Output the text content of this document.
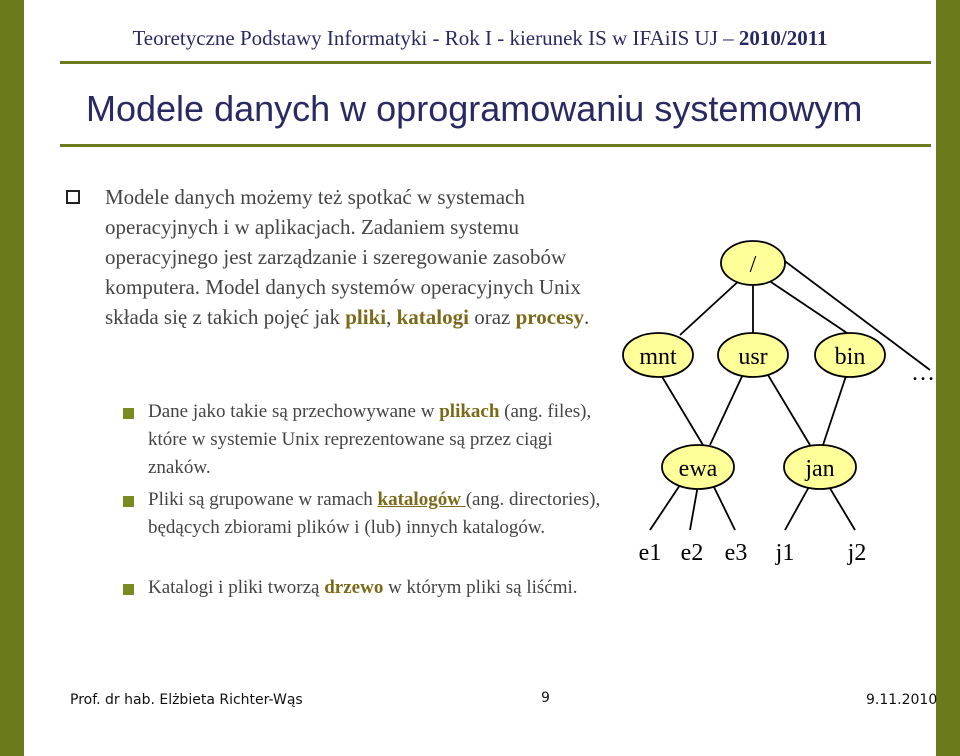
Teoretyczne Podstawy Informatyki - Rok I - kierunek IS w IFAiIS UJ – 2010/2011
Modele danych w oprogramowaniu systemowym
Modele danych możemy też spotkać w systemach operacyjnych i w aplikacjach. Zadaniem systemu operacyjnego jest zarządzanie i szeregowanie zasobów komputera. Model danych systemów operacyjnych Unix składa się z takich pojęć jak pliki, katalogi oraz procesy.
Dane jako takie są przechowywane w plikach (ang. files), które w systemie Unix reprezentowane są przez ciągi znaków.
Pliki są grupowane w ramach katalogów (ang. directories), będących zbiorami plików i (lub) innych katalogów.
Katalogi i pliki tworzą drzewo w którym pliki są liśćmi.
/
mnt	usr	bin
…
ewa	jan
e1 e2 e3 j1 j2
Prof. dr hab. Elżbieta Richter-Wąs	9	9.11.2010
